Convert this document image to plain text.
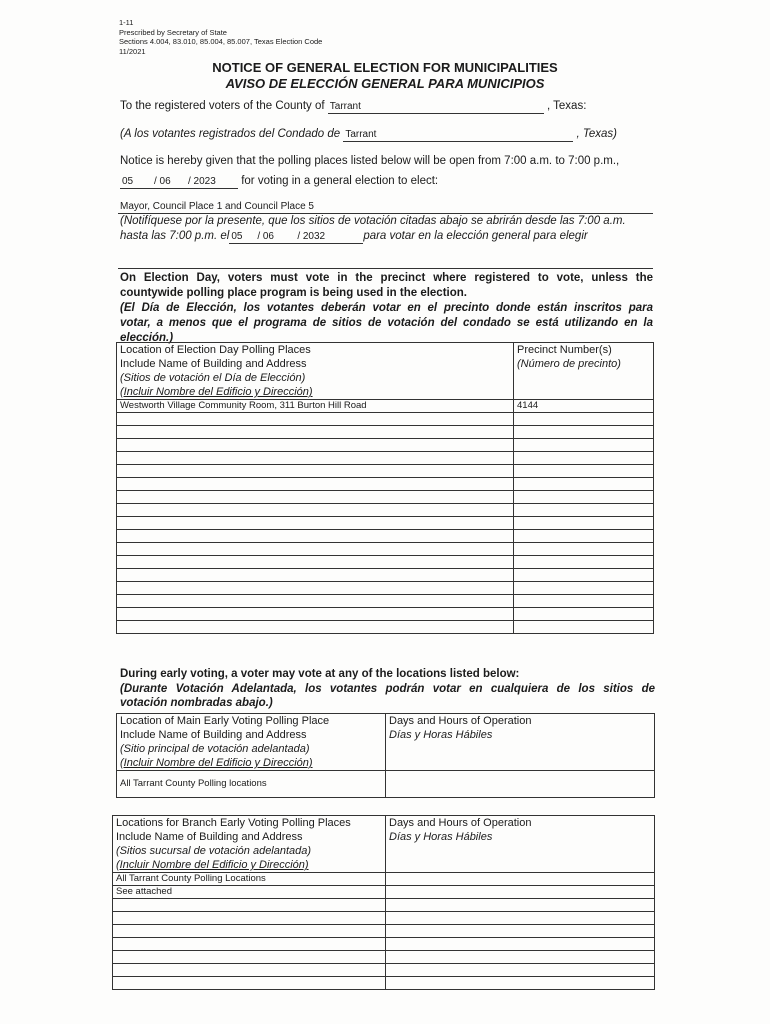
1-11
Prescribed by Secretary of State
Sections 4.004, 83.010, 85.004, 85.007, Texas Election Code
11/2021
NOTICE OF GENERAL ELECTION FOR MUNICIPALITIES
AVISO DE ELECCIÓN GENERAL PARA MUNICIPIOS
To the registered voters of the County of Tarrant	, Texas:
(A los votantes registrados del Condado de Tarrant	, Texas)
Notice is hereby given that the polling places listed below will be open from 7:00 a.m. to 7:00 p.m.,
05 / 06 / 2023 for voting in a general election to elect:
Mayor, Council Place 1 and Council Place 5
(Notifíquese por la presente, que los sitios de votación citadas abajo se abrirán desde las 7:00 a.m.
hasta las 7:00 p.m. el 05 / 06 / 2032	para votar en la elección general para elegir
On Election Day, voters must vote in the precinct where registered to vote, unless the
countywide polling place program is being used in the election.
(El Día de Elección, los votantes deberán votar en el precinto donde están inscritos para
votar, a menos que el programa de sitios de votación del condado se está utilizando en la
elección.)
Location of Election Day Polling Places
Include Name of Building and Address
(Sitios de votación el Día de Elección)
(Incluir Nombre del Edificio y Dirección)	Precinct Number(s)
(Número de precinto)

Westworth Village Community Room, 311 Burton Hill Road	4144

During early voting, a voter may vote at any of the locations listed below:
(Durante Votación Adelantada, los votantes podrán votar en cualquiera de los sitios de
votación nombradas abajo.)
Location of Main Early Voting Polling Place
Include Name of Building and Address
(Sitio principal de votación adelantada)
(Incluir Nombre del Edificio y Dirección)	Days and Hours of Operation
Días y Horas Hábiles

All Tarrant County Polling locations	
Locations for Branch Early Voting Polling Places
Include Name of Building and Address
(Sitios sucursal de votación adelantada)
(Incluir Nombre del Edificio y Dirección)	Days and Hours of Operation
Días y Horas Hábiles

All Tarrant County Polling Locations	
See attached	
